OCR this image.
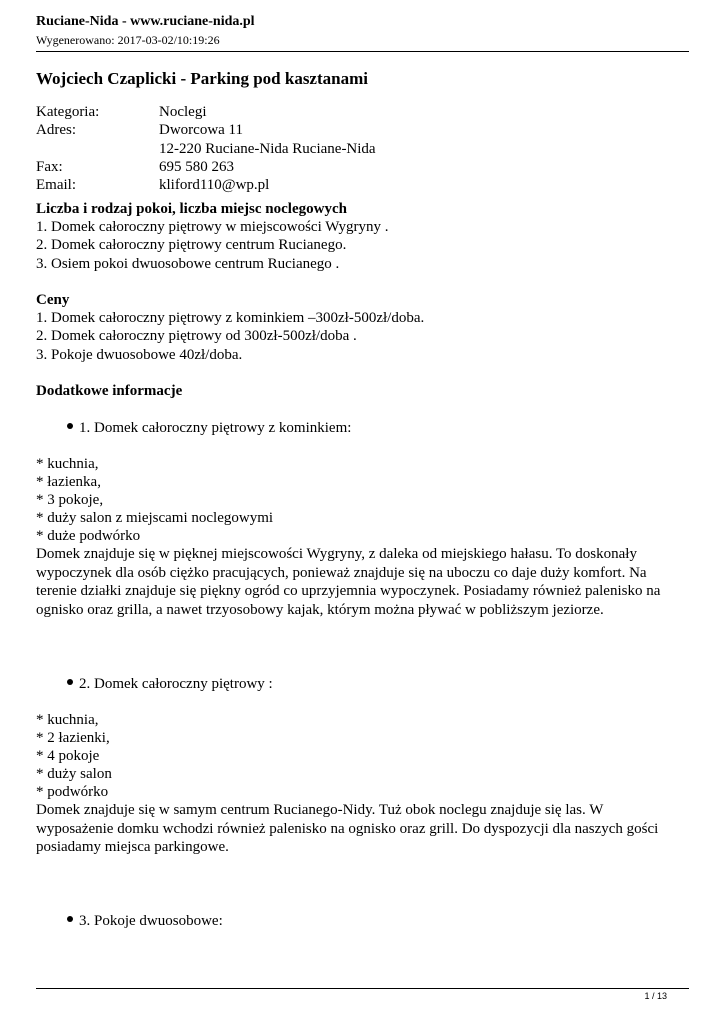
Ruciane-Nida - www.ruciane-nida.pl
Wygenerowano: 2017-03-02/10:19:26
Wojciech Czaplicki - Parking pod kasztanami
Kategoria:	Noclegi
Adres:	Dworcowa 11
12-220 Ruciane-Nida Ruciane-Nida
Fax:	695 580 263
Email:	kliford110@wp.pl
Liczba i rodzaj pokoi, liczba miejsc noclegowych
1. Domek całoroczny piętrowy w miejscowości Wygryny .
2. Domek całoroczny piętrowy centrum Rucianego.
3. Osiem pokoi dwuosobowe centrum Rucianego .
Ceny
1. Domek całoroczny piętrowy z kominkiem –300zł-500zł/doba.
2. Domek całoroczny piętrowy od 300zł-500zł/doba .
3. Pokoje dwuosobowe 40zł/doba.
Dodatkowe informacje
1. Domek całoroczny piętrowy z kominkiem:
* kuchnia,
* łazienka,
* 3 pokoje,
* duży salon z miejscami noclegowymi
* duże podwórko
Domek znajduje się w pięknej miejscowości Wygryny, z daleka od miejskiego hałasu. To doskonały wypoczynek dla osób ciężko pracujących, ponieważ znajduje się na uboczu co daje duży komfort. Na terenie działki znajduje się piękny ogród co uprzyjemnia wypoczynek. Posiadamy również palenisko na ognisko oraz grilla, a nawet trzyosobowy kajak, którym można pływać w pobliższym jeziorze.
2. Domek całoroczny piętrowy :
* kuchnia,
* 2 łazienki,
* 4 pokoje
* duży salon
* podwórko
Domek znajduje się w samym centrum Rucianego-Nidy. Tuż obok noclegu znajduje się las. W wyposażenie domku wchodzi również palenisko na ognisko oraz grill. Do dyspozycji dla naszych gości posiadamy miejsca parkingowe.
3. Pokoje dwuosobowe:
1 / 13
